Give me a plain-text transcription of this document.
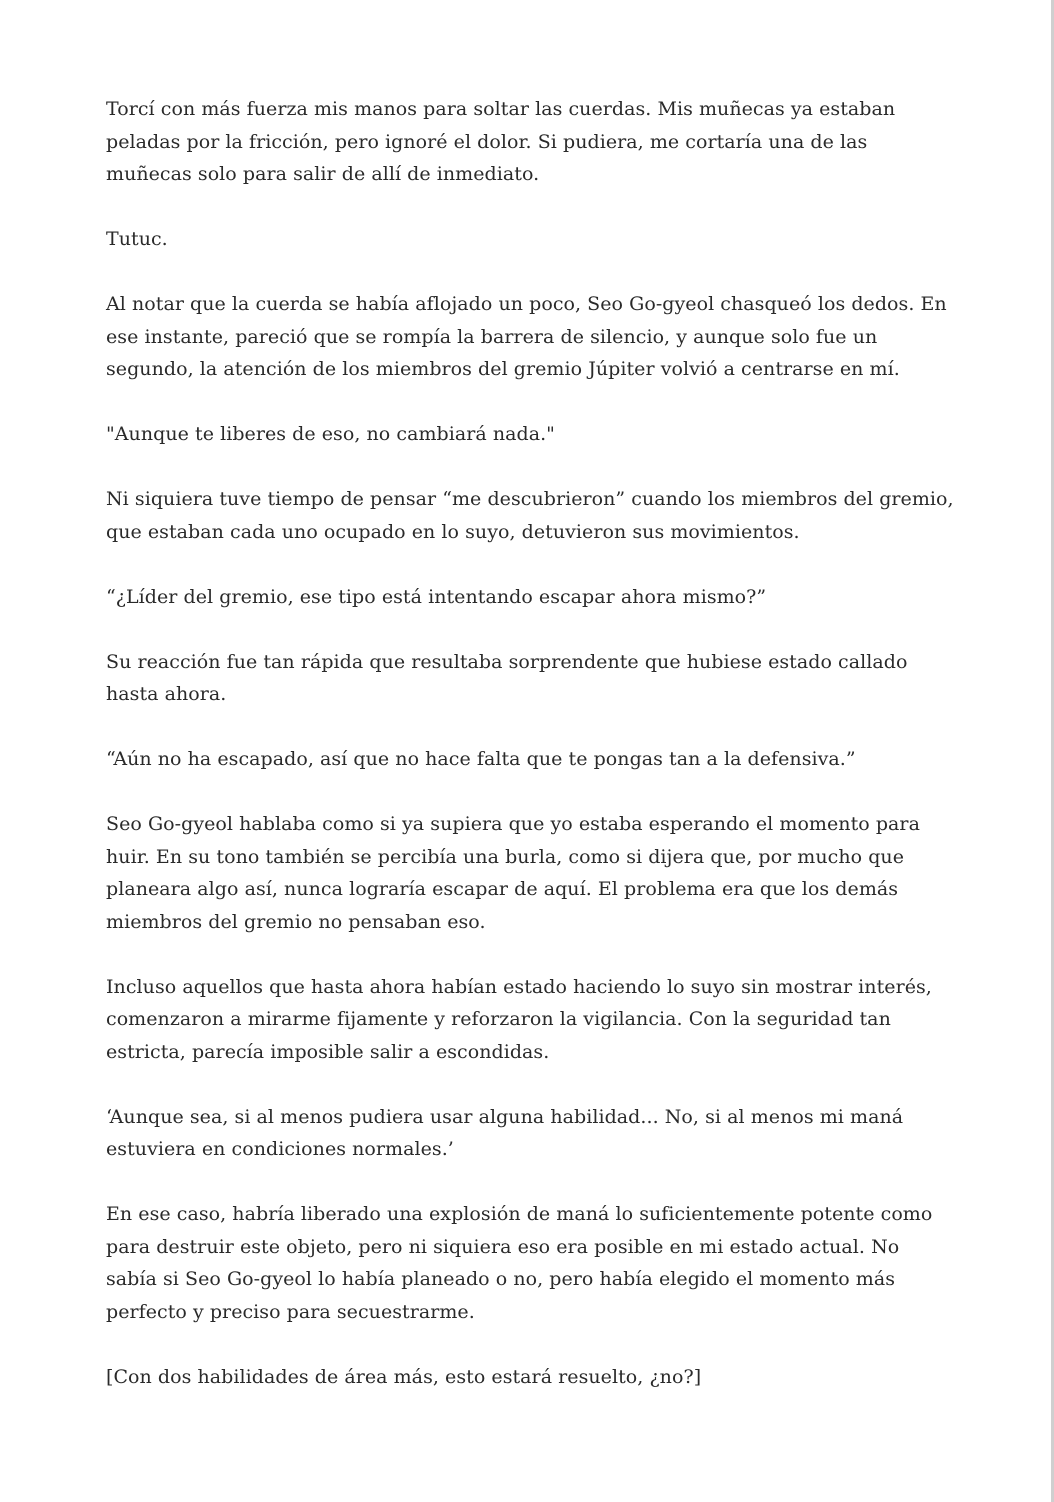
Torcí con más fuerza mis manos para soltar las cuerdas. Mis muñecas ya estaban peladas por la fricción, pero ignoré el dolor. Si pudiera, me cortaría una de las muñecas solo para salir de allí de inmediato.

Tutuc.

Al notar que la cuerda se había aflojado un poco, Seo Go-gyeol chasqueó los dedos. En ese instante, pareció que se rompía la barrera de silencio, y aunque solo fue un segundo, la atención de los miembros del gremio Júpiter volvió a centrarse en mí.

"Aunque te liberes de eso, no cambiará nada."

Ni siquiera tuve tiempo de pensar “me descubrieron” cuando los miembros del gremio, que estaban cada uno ocupado en lo suyo, detuvieron sus movimientos.

“¿Líder del gremio, ese tipo está intentando escapar ahora mismo?”

Su reacción fue tan rápida que resultaba sorprendente que hubiese estado callado hasta ahora.

“Aún no ha escapado, así que no hace falta que te pongas tan a la defensiva.”

Seo Go-gyeol hablaba como si ya supiera que yo estaba esperando el momento para huir. En su tono también se percibía una burla, como si dijera que, por mucho que planeara algo así, nunca lograría escapar de aquí. El problema era que los demás miembros del gremio no pensaban eso.

Incluso aquellos que hasta ahora habían estado haciendo lo suyo sin mostrar interés, comenzaron a mirarme fijamente y reforzaron la vigilancia. Con la seguridad tan estricta, parecía imposible salir a escondidas.

‘Aunque sea, si al menos pudiera usar alguna habilidad... No, si al menos mi maná estuviera en condiciones normales.’

En ese caso, habría liberado una explosión de maná lo suficientemente potente como para destruir este objeto, pero ni siquiera eso era posible en mi estado actual. No sabía si Seo Go-gyeol lo había planeado o no, pero había elegido el momento más perfecto y preciso para secuestrarme.

[Con dos habilidades de área más, esto estará resuelto, ¿no?]
